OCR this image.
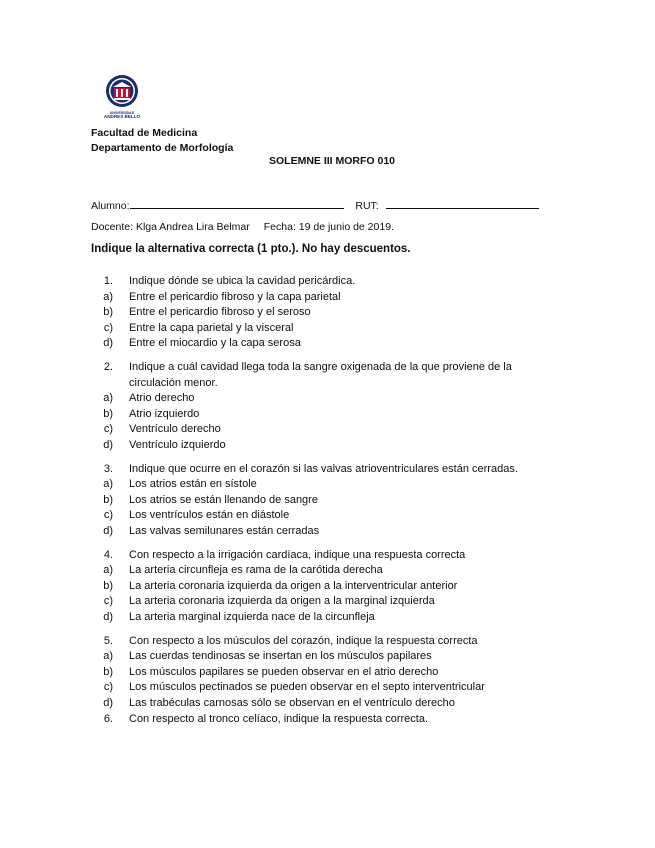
UNIVERSIDAD
ANDRES BELLO
Facultad de Medicina
Departamento de Morfología
SOLEMNE III MORFO 010
Alumno:	RUT:
Docente: Klga Andrea Lira Belmar Fecha: 19 de junio de 2019.
Indique la alternativa correcta (1 pto.). No hay descuentos.
1. Indique dónde se ubica la cavidad pericárdica.
a) Entre el pericardio fibroso y la capa parietal
b) Entre el pericardio fibroso y el seroso
c) Entre la capa parietal y la visceral
d) Entre el miocardio y la capa serosa
2. Indique a cuál cavidad llega toda la sangre oxigenada de la que proviene de la
circulación menor.
a) Atrio derecho
b) Atrio izquierdo
c) Ventrículo derecho
d) Ventrículo izquierdo
3. Indique que ocurre en el corazón si las valvas atrioventriculares están cerradas.
a) Los atrios están en sístole
b) Los atrios se están llenando de sangre
c) Los ventrículos están en diástole
d) Las valvas semilunares están cerradas
4. Con respecto a la irrigación cardíaca, indique una respuesta correcta
a) La arteria circunfleja es rama de la carótida derecha
b) La arteria coronaria izquierda da origen a la interventricular anterior
c) La arteria coronaria izquierda da origen a la marginal izquierda
d) La arteria marginal izquierda nace de la circunfleja
5. Con respecto a los músculos del corazón, indique la respuesta correcta
a) Las cuerdas tendinosas se insertan en los músculos papilares
b) Los músculos papilares se pueden observar en el atrio derecho
c) Los músculos pectinados se pueden observar en el septo interventricular
d) Las trabéculas carnosas sólo se observan en el ventrículo derecho
6. Con respecto al tronco celíaco, indique la respuesta correcta.
